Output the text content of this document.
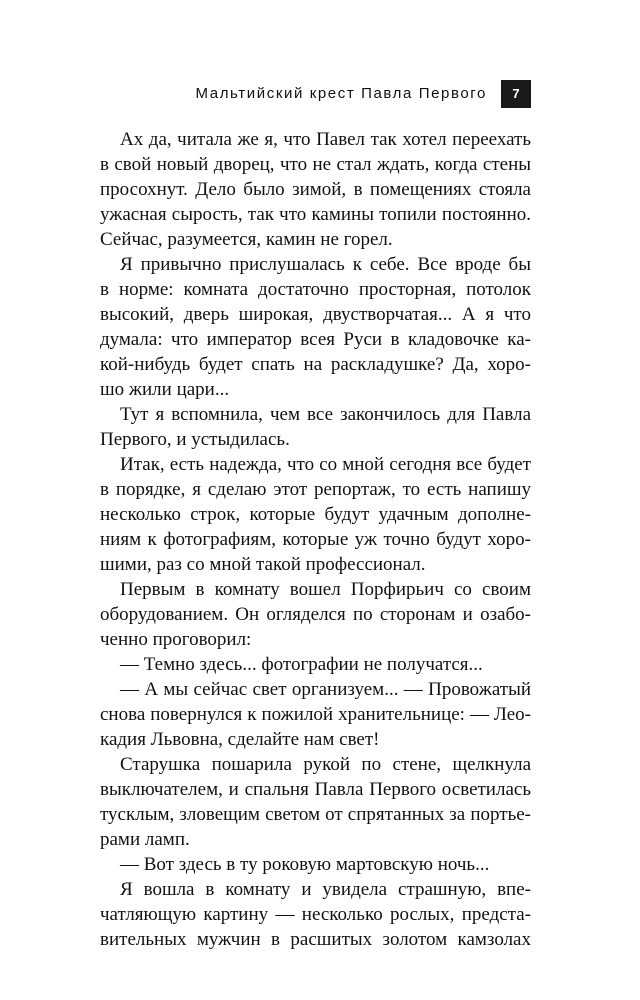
Мальтийский крест Павла Первого	7
Ах да, читала же я, что Павел так хотел переехать
в свой новый дворец, что не стал ждать, когда стены
просохнут. Дело было зимой, в помещениях стояла
ужасная сырость, так что камины топили постоянно.
Сейчас, разумеется, камин не горел.
Я привычно прислушалась к себе. Все вроде бы
в норме: комната достаточно просторная, потолок
высокий, дверь широкая, двустворчатая... А я что
думала: что император всея Руси в кладовочке ка-
кой-нибудь будет спать на раскладушке? Да, хоро-
шо жили цари...
Тут я вспомнила, чем все закончилось для Павла
Первого, и устыдилась.
Итак, есть надежда, что со мной сегодня все будет
в порядке, я сделаю этот репортаж, то есть напишу
несколько строк, которые будут удачным дополне-
ниям к фотографиям, которые уж точно будут хоро-
шими, раз со мной такой профессионал.
Первым в комнату вошел Порфирьич со своим
оборудованием. Он огляделся по сторонам и озабо-
ченно проговорил:
— Темно здесь... фотографии не получатся...
— А мы сейчас свет организуем... — Провожатый
снова повернулся к пожилой хранительнице: — Лео-
кадия Львовна, сделайте нам свет!
Старушка пошарила рукой по стене, щелкнула
выключателем, и спальня Павла Первого осветилась
тусклым, зловещим светом от спрятанных за портье-
рами ламп.
— Вот здесь в ту роковую мартовскую ночь...
Я вошла в комнату и увидела страшную, впе-
чатляющую картину — несколько рослых, предста-
вительных мужчин в расшитых золотом камзолах
